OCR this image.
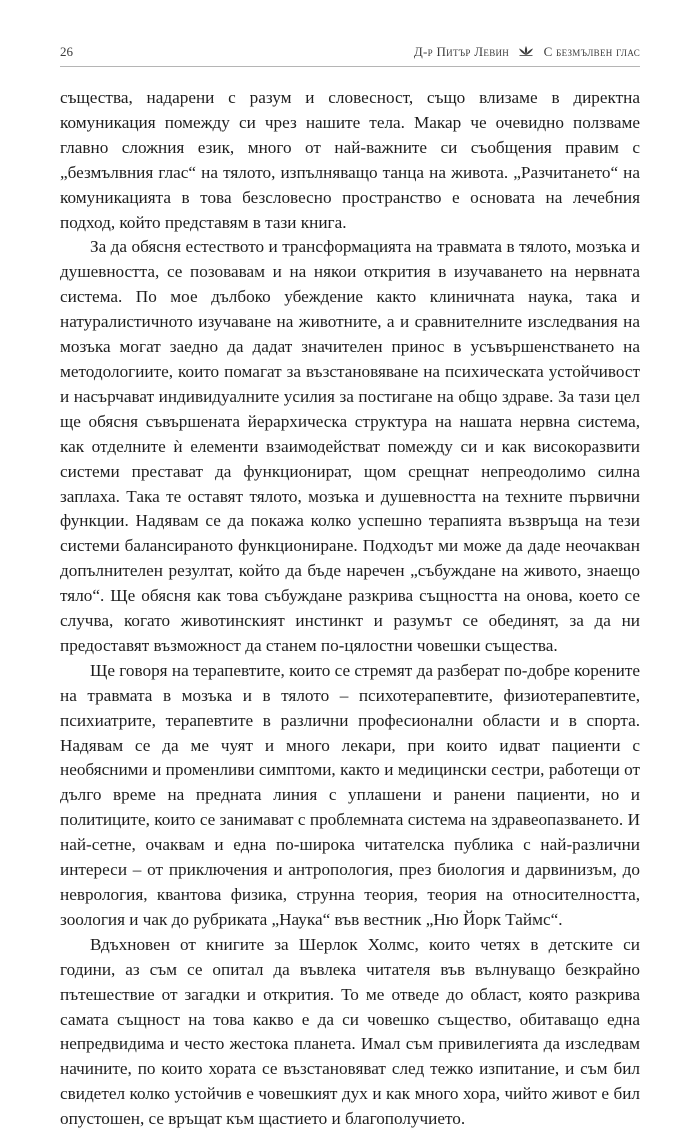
26	Д-р Питър Левин	С безмълвен глас

същества, надарени с разум и словесност, също влизаме в директна комуникация помежду си чрез нашите тела. Макар че очевидно ползваме главно сложния език, много от най-важните си съобщения правим с „безмълвния глас“ на тялото, изпълняващо танца на живота. „Разчитането“ на комуникацията в това безсловесно пространство е основата на лечебния подход, който представям в тази книга.

За да обясня естеството и трансформацията на травмата в тялото, мозъка и душевността, се позовавам и на някои открития в изучаването на нервната система. По мое дълбоко убеждение както клиничната наука, така и натуралистичното изучаване на животните, а и сравнителните изследвания на мозъка могат заедно да дадат значителен принос в усъвършенстването на методологиите, които помагат за възстановяване на психическата устойчивост и насърчават индивидуалните усилия за постигане на общо здраве. За тази цел ще обясня съвършената йерархическа структура на нашата нервна система, как отделните ѝ елементи взаимодействат помежду си и как високоразвити системи престават да функционират, щом срещнат непреодолимо силна заплаха. Така те оставят тялото, мозъка и душевността на техните първични функции. Надявам се да покажа колко успешно терапията възвръща на тези системи балансираното функциониране. Подходът ми може да даде неочакван допълнителен резултат, който да бъде наречен „събуждане на живото, знаещо тяло“. Ще обясня как това събуждане разкрива същността на онова, което се случва, когато животинският инстинкт и разумът се обединят, за да ни предоставят възможност да станем по-цялостни човешки същества.

Ще говоря на терапевтите, които се стремят да разберат по-добре корените на травмата в мозъка и в тялото – психотерапевтите, физиотерапевтите, психиатрите, терапевтите в различни професионални области и в спорта. Надявам се да ме чуят и много лекари, при които идват пациенти с необясними и променливи симптоми, както и медицински сестри, работещи от дълго време на предната линия с уплашени и ранени пациенти, но и политиците, които се занимават с проблемната система на здравеопазването. И най-сетне, очаквам и една по-широка читателска публика с най-различни интереси – от приключения и антропология, през биология и дарвинизъм, до неврология, квантова физика, струнна теория, теория на относителността, зоология и чак до рубриката „Наука“ във вестник „Ню Йорк Таймс“.

Вдъхновен от книгите за Шерлок Холмс, които четях в детските си години, аз съм се опитал да въвлека читателя във вълнуващо безкрайно пътешествие от загадки и открития. То ме отведе до област, която разкрива самата същност на това какво е да си човешко същество, обитаващо една непредвидима и често жестока планета. Имал съм привилегията да изследвам начините, по които хората се възстановяват след тежко изпитание, и съм бил свидетел колко устойчив е човешкият дух и как много хора, чийто живот е бил опустошен, се връщат към щастието и благополучието.
